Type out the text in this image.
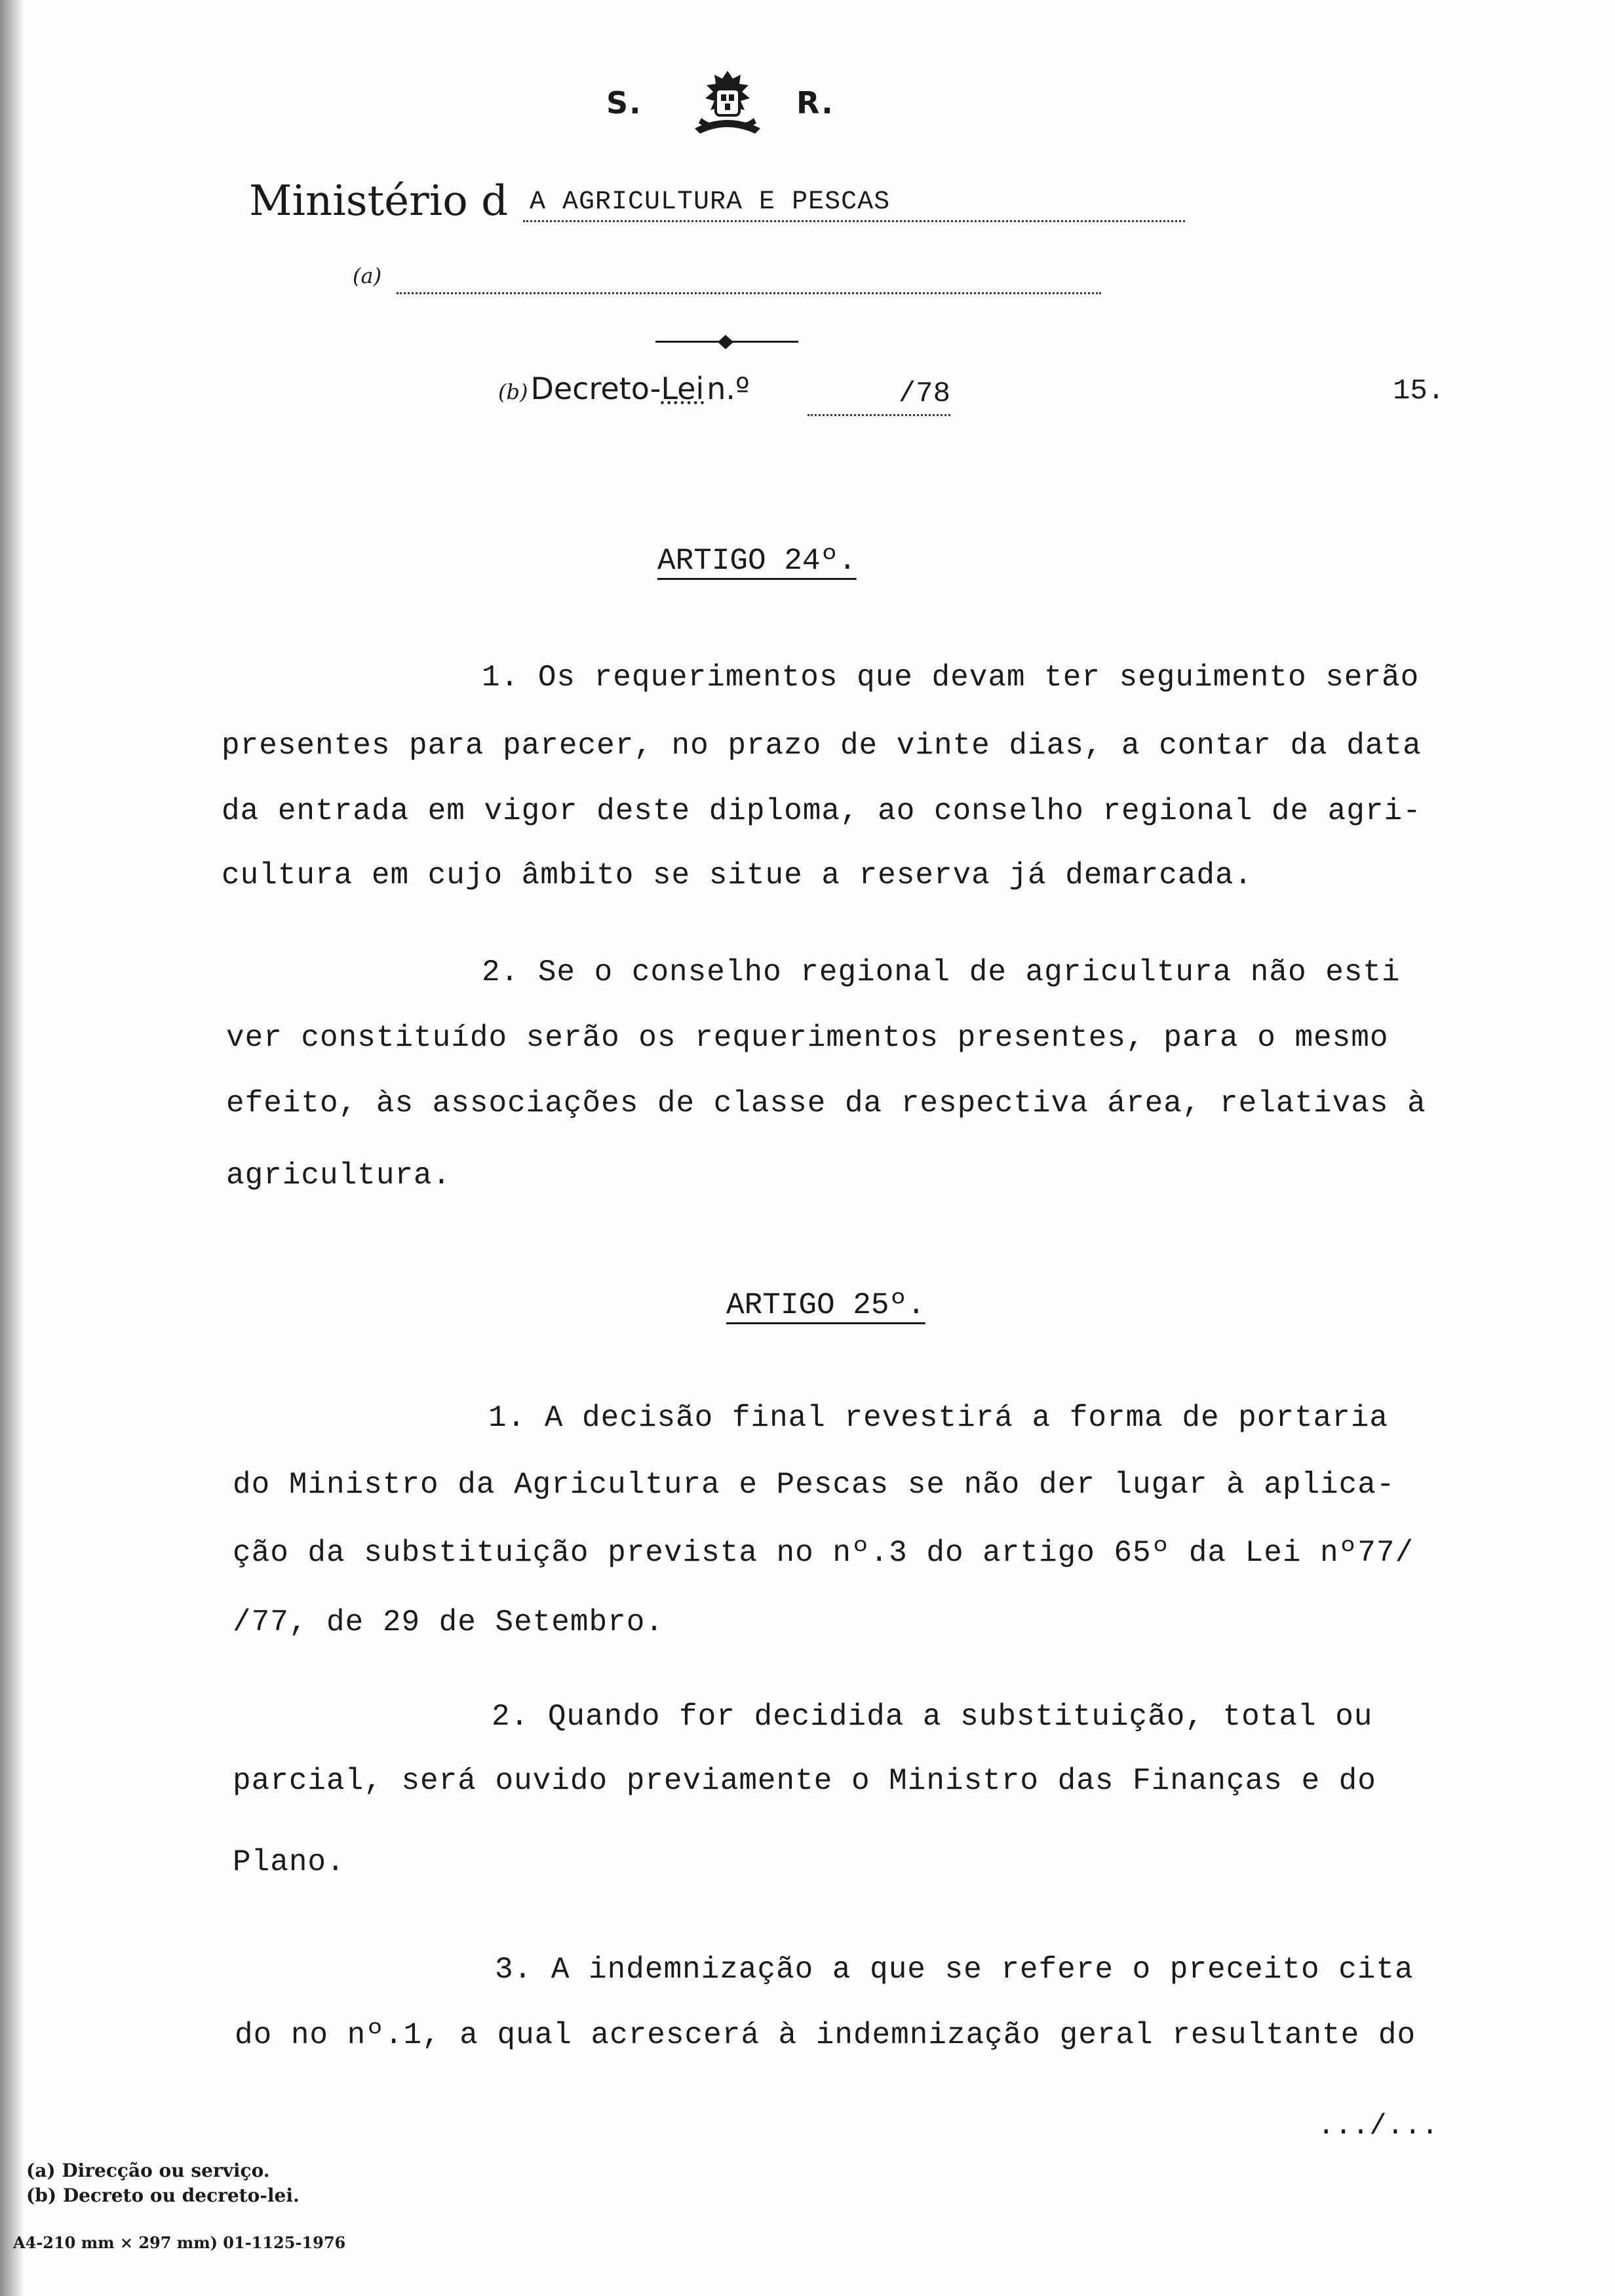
S.	R.
Ministério d A AGRICULTURA E PESCAS
(a)
(b) Decreto-Lei n.º	/78	15.
ARTIGO 24º.
1. Os requerimentos que devam ter seguimento serão
presentes para parecer, no prazo de vinte dias, a contar da data
da entrada em vigor deste diploma, ao conselho regional de agri-
cultura em cujo âmbito se situe a reserva já demarcada.
2. Se o conselho regional de agricultura não esti
ver constituído serão os requerimentos presentes, para o mesmo
efeito, às associações de classe da respectiva área, relativas à
agricultura.
ARTIGO 25º.
1. A decisão final revestirá a forma de portaria
do Ministro da Agricultura e Pescas se não der lugar à aplica-
ção da substituição prevista no nº.3 do artigo 65º da Lei nº77/
/77, de 29 de Setembro.
2. Quando for decidida a substituição, total ou
parcial, será ouvido previamente o Ministro das Finanças e do
Plano.
3. A indemnização a que se refere o preceito cita
do no nº.1, a qual acrescerá à indemnização geral resultante do
.../...
(a) Direcção ou serviço.
(b) Decreto ou decreto-lei.
A4-210 mm × 297 mm) 01-1125-1976
